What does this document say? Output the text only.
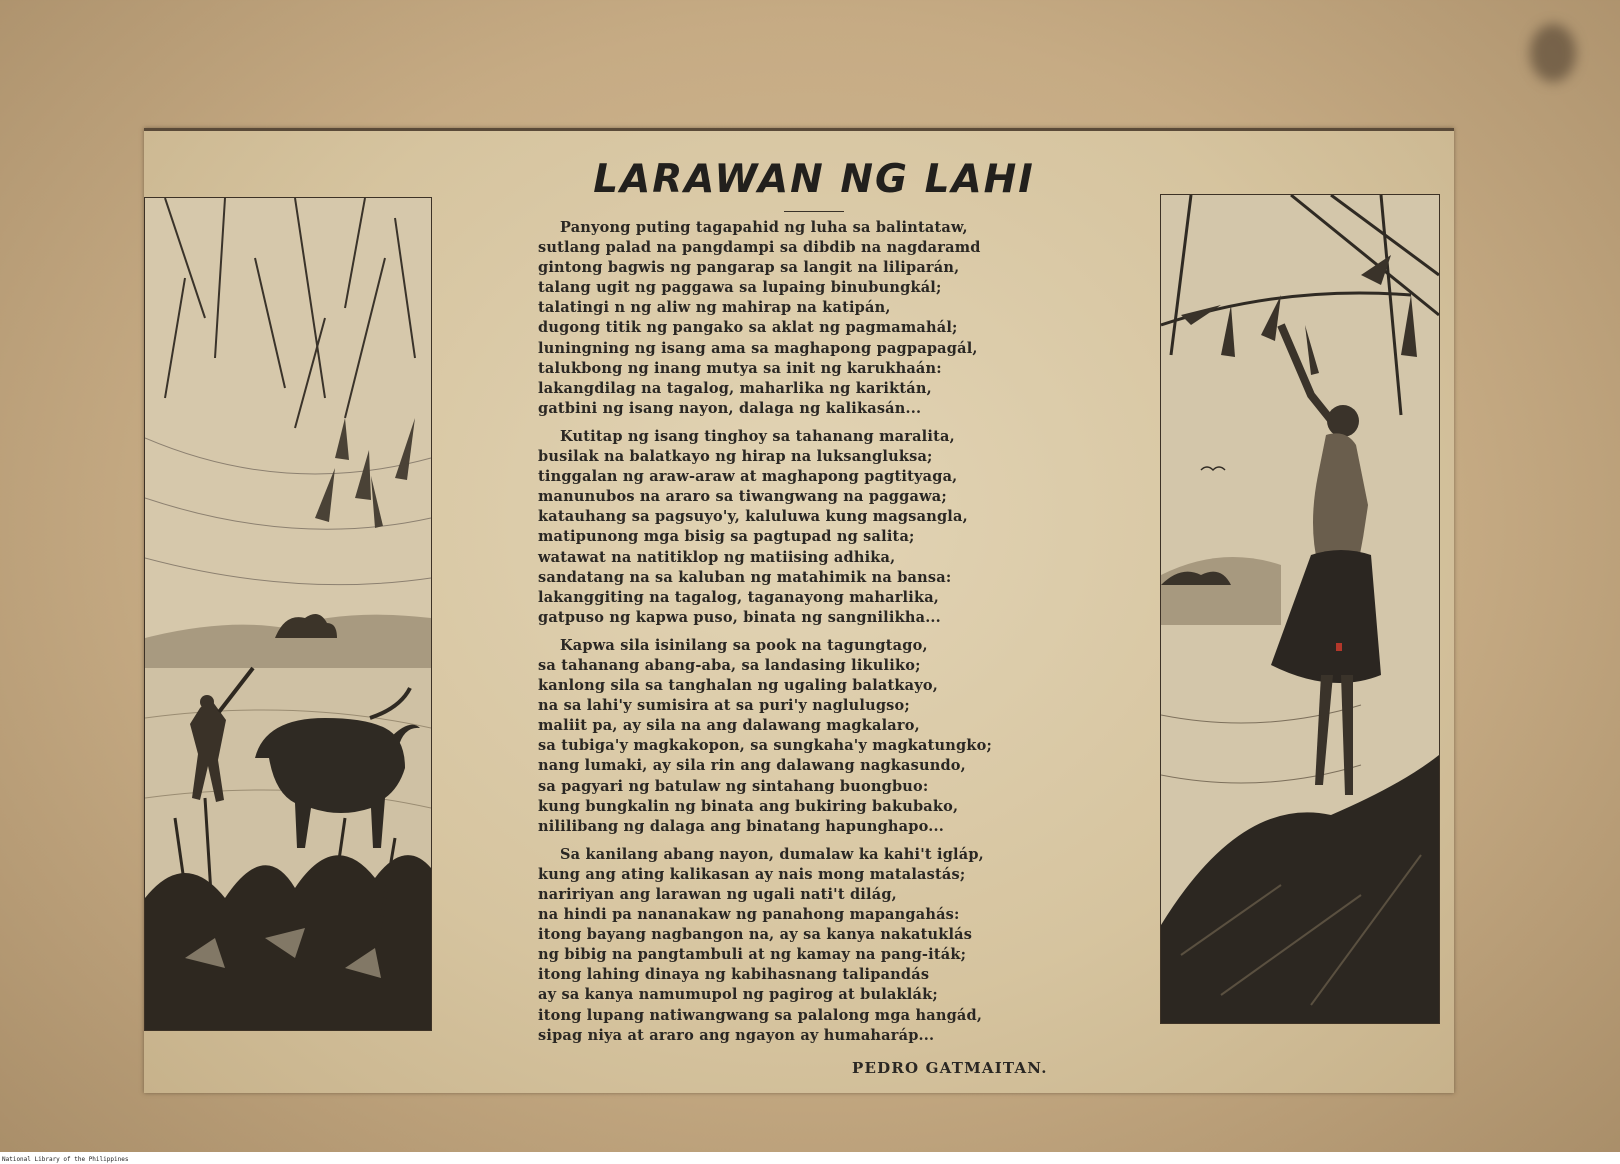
LARAWAN NG LAHI
Panyong puting tagapahid ng luha sa balintataw,
sutlang palad na pangdampi sa dibdib na nagdaramd
gintong bagwis ng pangarap sa langit na liliparán,
talang ugit ng paggawa sa lupaing binubungkál;
talatingi n ng aliw ng mahirap na katipán,
dugong titik ng pangako sa aklat ng pagmamahál;
luningning ng isang ama sa maghapong pagpapagál,
talukbong ng inang mutya sa init ng karukhaán:
lakangdilag na tagalog, maharlika ng kariktán,
gatbini ng isang nayon, dalaga ng kalikasán...
Kutitap ng isang tinghoy sa tahanang maralita,
busilak na balatkayo ng hirap na luksangluksa;
tinggalan ng araw-araw at maghapong pagtityaga,
manunubos na araro sa tiwangwang na paggawa;
katauhang sa pagsuyo'y, kaluluwa kung magsangla,
matipunong mga bisig sa pagtupad ng salita;
watawat na natitiklop ng matiising adhika,
sandatang na sa kaluban ng matahimik na bansa:
lakanggiting na tagalog, taganayong maharlika,
gatpuso ng kapwa puso, binata ng sangnilikha...
Kapwa sila isinilang sa pook na tagungtago,
sa tahanang abang-aba, sa landasing likuliko;
kanlong sila sa tanghalan ng ugaling balatkayo,
na sa lahi'y sumisira at sa puri'y naglulugso;
maliit pa, ay sila na ang dalawang magkalaro,
sa tubiga'y magkakopon, sa sungkaha'y magkatungko;
nang lumaki, ay sila rin ang dalawang nagkasundo,
sa pagyari ng batulaw ng sintahang buongbuo:
kung bungkalin ng binata ang bukiring bakubako,
nililibang ng dalaga ang binatang hapunghapo...
Sa kanilang abang nayon, dumalaw ka kahi't igláp,
kung ang ating kalikasan ay nais mong matalastás;
naririyan ang larawan ng ugali nati't dilág,
na hindi pa nananakaw ng panahong mapangahás:
itong bayang nagbangon na, ay sa kanya nakatuklás
ng bibig na pangtambuli at ng kamay na pang-iták;
itong lahing dinaya ng kabihasnang talipandás
ay sa kanya namumupol ng pagirog at bulaklák;
itong lupang natiwangwang sa palalong mga hangád,
sipag niya at araro ang ngayon ay humaharáp...
PEDRO GATMAITAN.
National Library of the Philippines
